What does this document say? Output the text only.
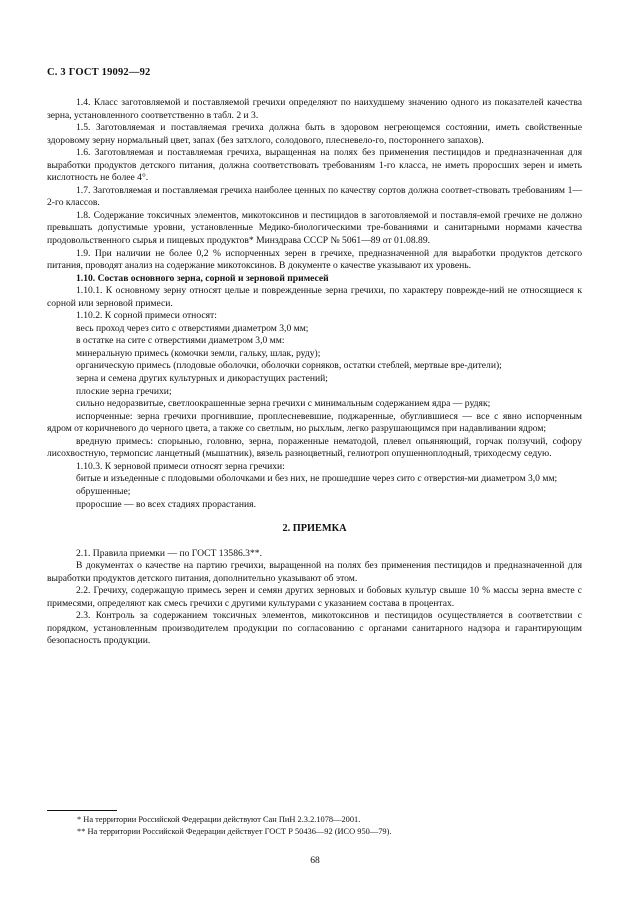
С. 3 ГОСТ 19092—92

1.4. Класс заготовляемой и поставляемой гречихи определяют по наихудшему значению одного из показателей качества зерна, установленного соответственно в табл. 2 и 3.

1.5. Заготовляемая и поставляемая гречиха должна быть в здоровом негреющемся состоянии, иметь свойственные здоровому зерну нормальный цвет, запах (без затхлого, солодового, плесневело-го, постороннего запахов).

1.6. Заготовляемая и поставляемая гречиха, выращенная на полях без применения пестицидов и предназначенная для выработки продуктов детского питания, должна соответствовать требованиям 1-го класса, не иметь проросших зерен и иметь кислотность не более 4°.

1.7. Заготовляемая и поставляемая гречиха наиболее ценных по качеству сортов должна соответ-ствовать требованиям 1—2-го классов.

1.8. Содержание токсичных элементов, микотоксинов и пестицидов в заготовляемой и поставля-емой гречихе не должно превышать допустимые уровни, установленные Медико-биологическими тре-бованиями и санитарными нормами качества продовольственного сырья и пищевых продуктов* Минздрава СССР № 5061—89 от 01.08.89.

1.9. При наличии не более 0,2 % испорченных зерен в гречихе, предназначенной для выработки продуктов детского питания, проводят анализ на содержание микотоксинов. В документе о качестве указывают их уровень.

1.10. Состав основного зерна, сорной и зерновой примесей

1.10.1. К основному зерну относят целые и поврежденные зерна гречихи, по характеру поврежде-ний не относящиеся к сорной или зерновой примеси.

1.10.2. К сорной примеси относят:

весь проход через сито с отверстиями диаметром 3,0 мм;

в остатке на сите с отверстиями диаметром 3,0 мм:

минеральную примесь (комочки земли, гальку, шлак, руду);

органическую примесь (плодовые оболочки, оболочки сорняков, остатки стеблей, мертвые вре-дители);

зерна и семена других культурных и дикорастущих растений;

плоские зерна гречихи;

сильно недоразвитые, светлоокрашенные зерна гречихи с минимальным содержанием ядра — рудяк;

испорченные: зерна гречихи прогнившие, проплесневевшие, поджаренные, обуглившиеся — все с явно испорченным ядром от коричневого до черного цвета, а также со светлым, но рыхлым, легко разрушающимся при надавливании ядром;

вредную примесь: спорынью, головню, зерна, пораженные нематодой, плевел опьяняющий, горчак ползучий, софору лисохвостную, термопсис ланцетный (мышатник), вязель разноцветный, гелиотроп опушенноплодный, триходесму седую.

1.10.3. К зерновой примеси относят зерна гречихи:

битые и изъеденные с плодовыми оболочками и без них, не прошедшие через сито с отверстия-ми диаметром 3,0 мм;

обрушенные;

проросшие — во всех стадиях прорастания.

2. ПРИЕМКА

2.1. Правила приемки — по ГОСТ 13586.3**.

В документах о качестве на партию гречихи, выращенной на полях без применения пестицидов и предназначенной для выработки продуктов детского питания, дополнительно указывают об этом.

2.2. Гречиху, содержащую примесь зерен и семян других зерновых и бобовых культур свыше 10 % массы зерна вместе с примесями, определяют как смесь гречихи с другими культурами с указанием состава в процентах.

2.3. Контроль за содержанием токсичных элементов, микотоксинов и пестицидов осуществляется в соответствии с порядком, установленным производителем продукции по согласованию с органами санитарного надзора и гарантирующим безопасность продукции.

* На территории Российской Федерации действуют Сан ПиН 2.3.2.1078—2001.
** На территории Российской Федерации действует ГОСТ Р 50436—92 (ИСО 950—79).
68
